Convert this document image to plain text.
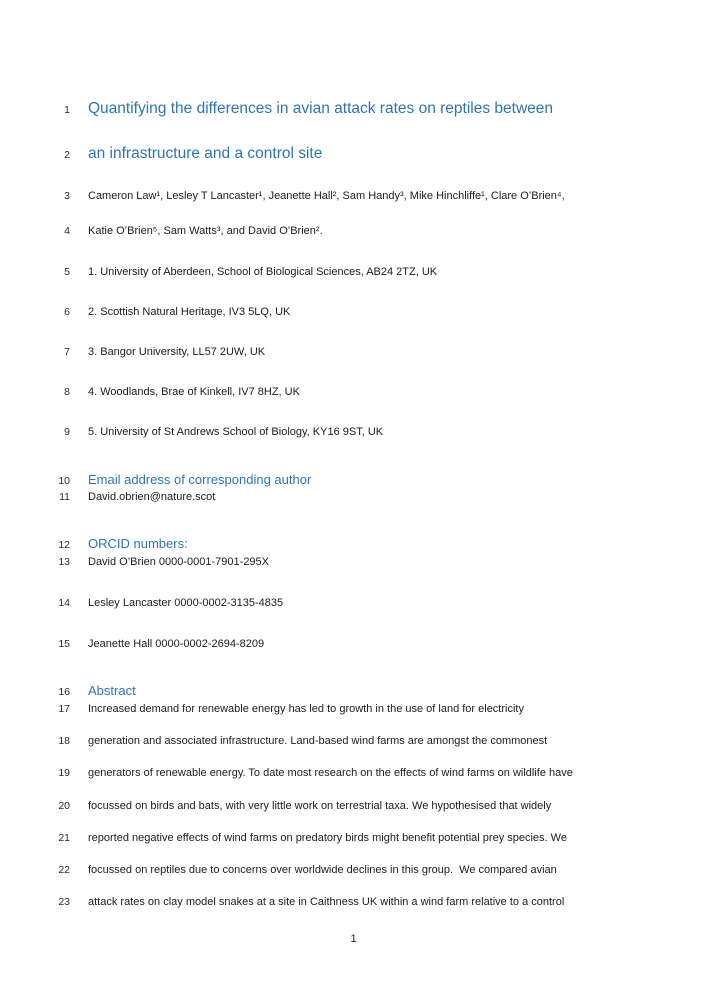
1 Quantifying the differences in avian attack rates on reptiles between
2 an infrastructure and a control site
3 Cameron Law¹, Lesley T Lancaster¹, Jeanette Hall², Sam Handy³, Mike Hinchliffe¹, Clare O’Brien⁴,
4 Katie O’Brien⁵, Sam Watts³, and David O’Brien².
5 1. University of Aberdeen, School of Biological Sciences, AB24 2TZ, UK
6 2. Scottish Natural Heritage, IV3 5LQ, UK
7 3. Bangor University, LL57 2UW, UK
8 4. Woodlands, Brae of Kinkell, IV7 8HZ, UK
9 5. University of St Andrews School of Biology, KY16 9ST, UK
10 Email address of corresponding author
11 David.obrien@nature.scot
12 ORCID numbers:
13 David O’Brien 0000-0001-7901-295X
14 Lesley Lancaster 0000-0002-3135-4835
15 Jeanette Hall 0000-0002-2694-8209
16 Abstract
17 Increased demand for renewable energy has led to growth in the use of land for electricity
18 generation and associated infrastructure. Land-based wind farms are amongst the commonest
19 generators of renewable energy. To date most research on the effects of wind farms on wildlife have
20 focussed on birds and bats, with very little work on terrestrial taxa. We hypothesised that widely
21 reported negative effects of wind farms on predatory birds might benefit potential prey species. We
22 focussed on reptiles due to concerns over worldwide declines in this group.  We compared avian
23 attack rates on clay model snakes at a site in Caithness UK within a wind farm relative to a control
1
